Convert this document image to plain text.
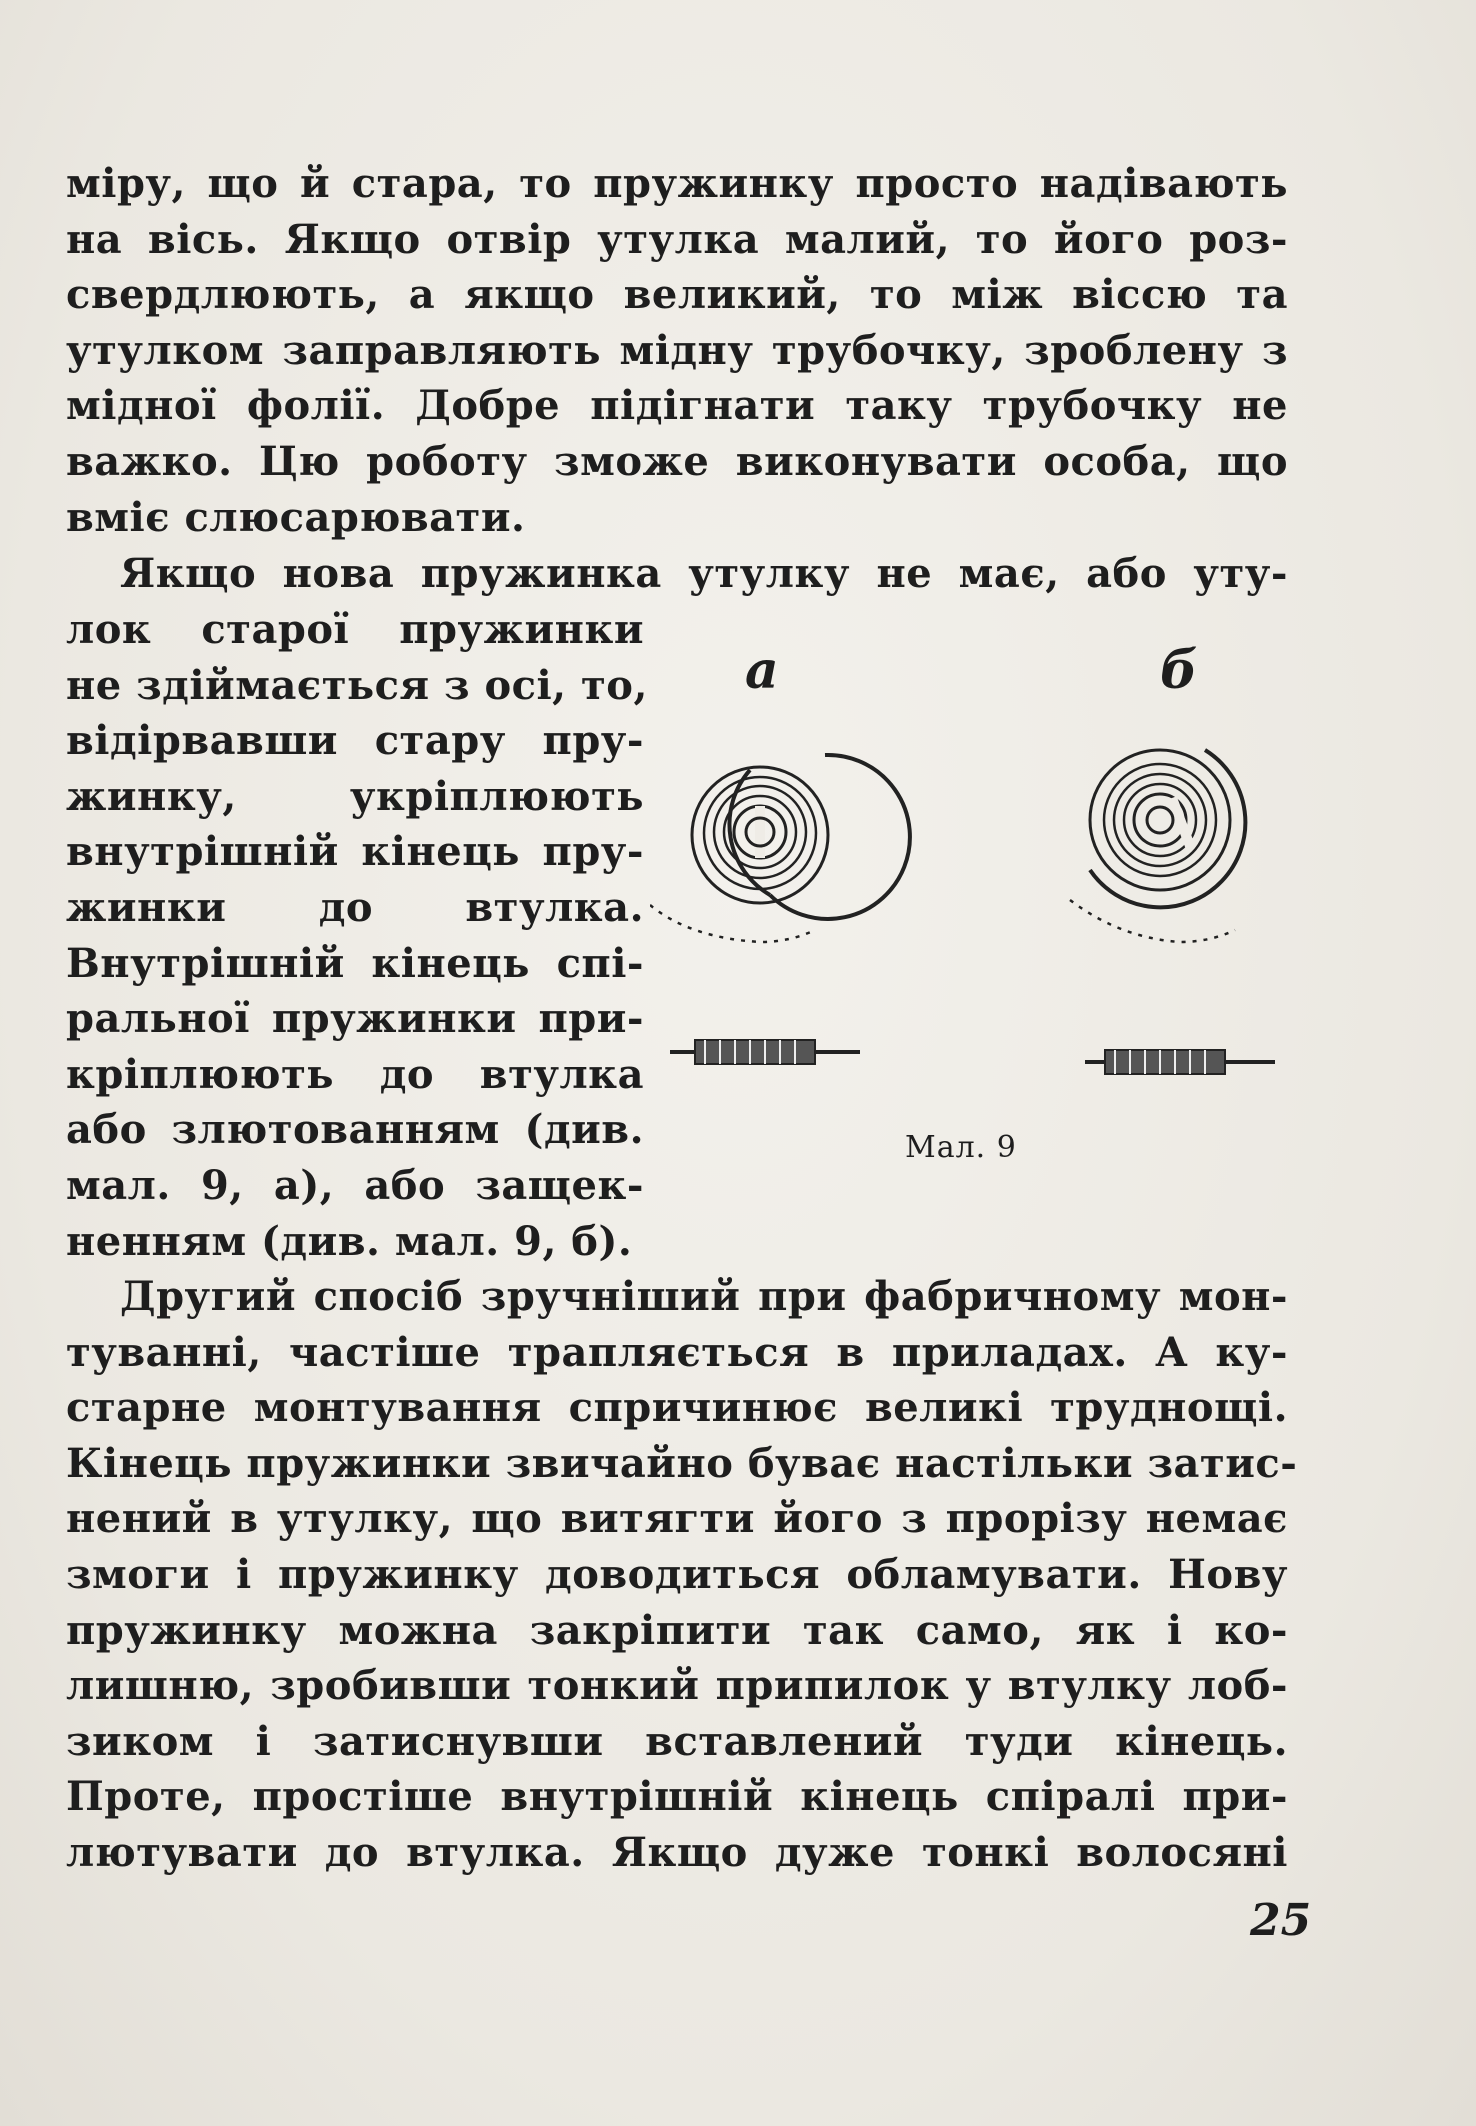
міру, що й стара, то пружинку просто надівають
на вісь. Якщо отвір утулка малий, то його роз-
свердлюють, а якщо великий, то між віссю та
утулком заправляють мідну трубочку, зроблену з
мідної фолії. Добре підігнати таку трубочку не
важко. Цю роботу зможе виконувати особа, що
вміє слюсарювати.
Якщо нова пружинка утулку не має, або уту-
лок старої пружинки
не здіймається з осі, то,
відірвавши стару пру-
жинку, укріплюють
внутрішній кінець пру-
жинки до втулка.
Внутрішній кінець спі-
ральної пружинки при-
кріплюють до втулка
або злютованням (див.
мал. 9, а), або защек-
ненням (див. мал. 9, б).
а	б
Мал. 9
Другий спосіб зручніший при фабричному мон-
туванні, частіше трапляється в приладах. А ку-
старне монтування спричинює великі труднощі.
Кінець пружинки звичайно буває настільки затис-
нений в утулку, що витягти його з прорізу немає
змоги і пружинку доводиться обламувати. Нову
пружинку можна закріпити так само, як і ко-
лишню, зробивши тонкий припилок у втулку лоб-
зиком і затиснувши вставлений туди кінець.
Проте, простіше внутрішній кінець спіралі при-
лютувати до втулка. Якщо дуже тонкі волосяні
25
